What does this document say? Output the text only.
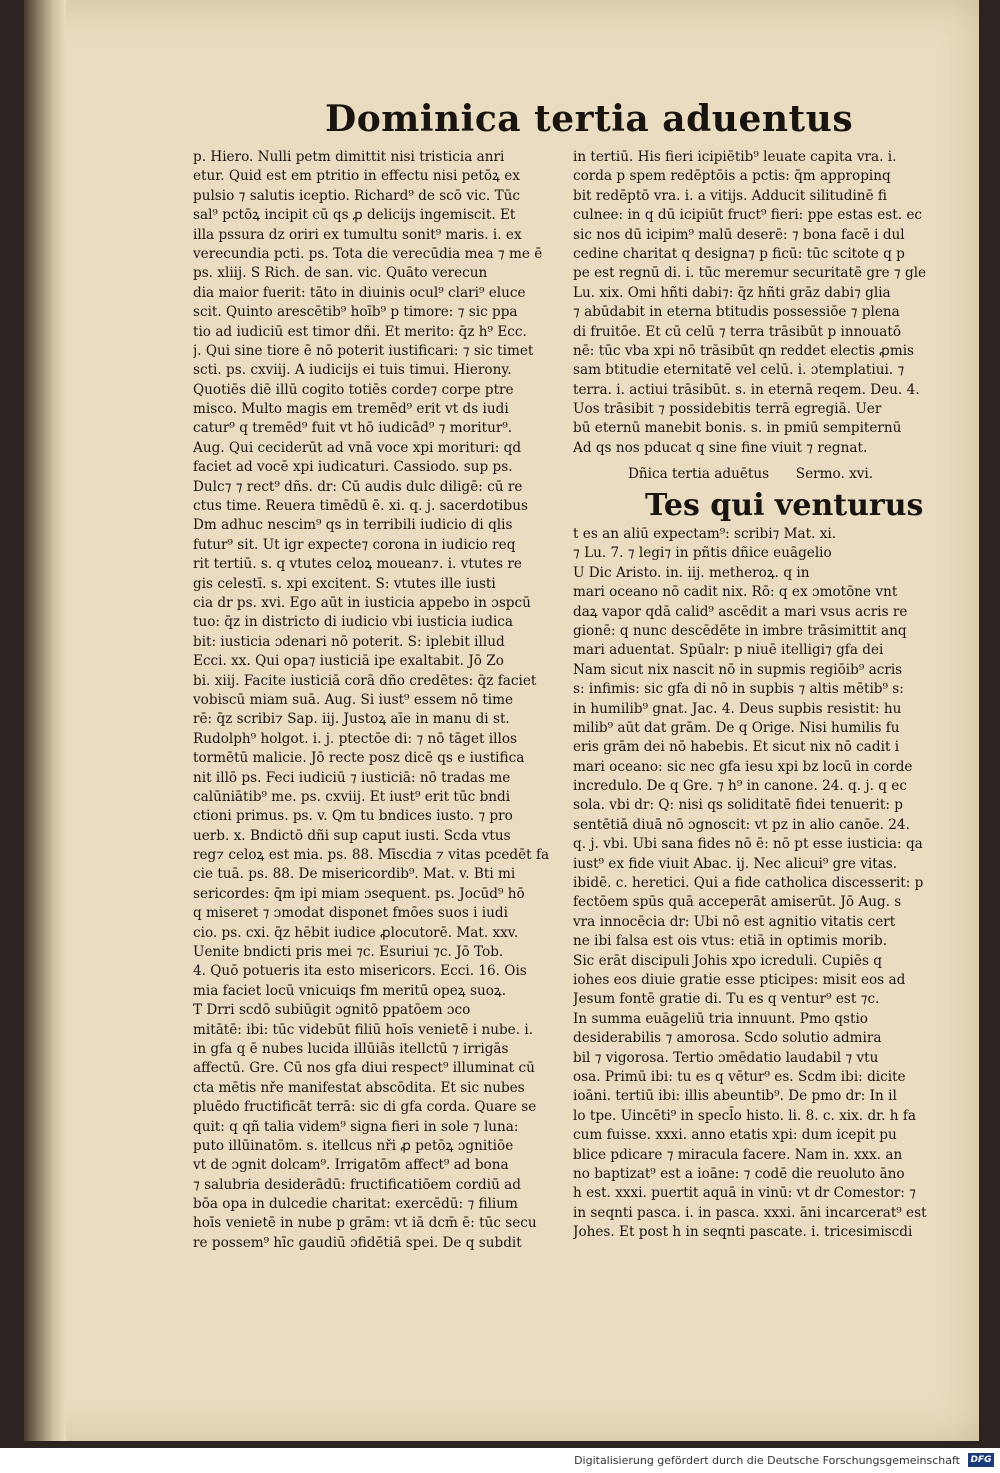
Dominica tertia aduentus
p. Hiero. Nulli petm dimittit nisi tristicia anri
etur. Quid est em ptritio in effectu nisi petōꝝ ex
pulsio ⁊ salutis iceptio. Richard⁹ de scō vic. Tūc
sal⁹ pctōꝝ incipit cū qs ꝓ delicijs ingemiscit. Et
illa pssura dz oriri ex tumultu sonit⁹ maris. i. ex
verecundia pcti. ps. Tota die verecūdia mea ⁊ me ē
ps. xliij. S Rich. de san. vic. Quāto verecun
dia maior fuerit: tāto in diuinis ocul⁹ clari⁹ eluce
scit. Quinto arescētib⁹ hoīb⁹ p timore: ⁊ sic ppa
tio ad iudiciū est timor dñi. Et merito: q̄z h⁹ Ecc.
j. Qui sine tiore ē nō poterit iustificari: ⁊ sic timet
scti. ps. cxviij. A iudicijs ei tuis timui. Hierony.
Quotiēs diē illū cogito totiēs corde⁊ corpe ptre
misco. Multo magis em tremēd⁹ erit vt ds iudi
catur⁹ q tremēd⁹ fuit vt hō iudicād⁹ ⁊ moritur⁹.
Aug. Qui ceciderūt ad vnā voce xpi morituri: qd
faciet ad vocē xpi iudicaturi. Cassiodo. sup ps.
Dulc⁊ ⁊ rect⁹ dñs. dr: Cū audis dulc diligē: cū re
ctus time. Reuera timēdū ē. xi. q. j. sacerdotibus
Dm adhuc nescim⁹ qs in terribili iudicio di qlis
futur⁹ sit. Ut igr expecte⁊ corona in iudicio req
rit tertiū. s. q vtutes celoꝝ mouean⁊. i. vtutes re
gis celestī. s. xpi excitent. S: vtutes ille iusti
cia dr ps. xvi. Ego aūt in iusticia appebo in ɔspcū
tuo: q̄z in districto di iudicio vbi iusticia iudica
bit: iusticia ɔdenari nō poterit. S: iplebit illud
Ecci. xx. Qui opa⁊ iusticiā ipe exaltabit. Jō Zo
bi. xiij. Facite iusticiā corā dño credētes: q̄z faciet
vobiscū miam suā. Aug. Si iust⁹ essem nō time
rē: q̄z scribi⁊ Sap. iij. Justoꝝ aīe in manu di st.
Rudolph⁹ holgot. i. j. ptectōe di: ⁊ nō tāget illos
tormētū malicie. Jō recte posz dicē qs e iustifica
nit illō ps. Feci iudiciū ⁊ iusticiā: nō tradas me
calūniātib⁹ me. ps. cxviij. Et iust⁹ erit tūc bndi
ctioni primus. ps. v. Qm tu bndices iusto. ⁊ pro
uerb. x. Bndictō dñi sup caput iusti. Scda vtus
reg⁊ celoꝝ est mia. ps. 88. Mīscdia ⁊ vitas pcedēt fa
cie tuā. ps. 88. De misericordib⁹. Mat. v. Bti mi
sericordes: q̄m ipi miam ɔsequent. ps. Jocūd⁹ hō
q miseret ⁊ ɔmodat disponet fmōes suos i iudi
cio. ps. cxi. q̄z hēbit iudice ꝓlocutorē. Mat. xxv.
Uenite bndicti pris mei ⁊c. Esuriui ⁊c. Jō Tob.
4. Quō potueris ita esto misericors. Ecci. 16. Ois
mia faciet locū vnicuiqs fm meritū opeꝝ suoꝝ.
T Drri scdō subiūgit ɔgnitō ppatōem ɔco
mitātē: ibi: tūc videbūt filiū hoīs venietē i nube. i.
in gfa q ē nubes lucida illūiās itellctū ⁊ irrigās
affectū. Gre. Cū nos gfa diui respect⁹ illuminat cū
cta mētis nře manifestat abscōdita. Et sic nubes
pluēdo fructificāt terrā: sic di gfa corda. Quare se
quit: q qñ talia videm⁹ signa fieri in sole ⁊ luna:
puto illūinatōm. s. itellcus nři ꝓ petōꝝ ɔgnitiōe
vt de ɔgnit dolcam⁹. Irrigatōm affect⁹ ad bona
⁊ salubria desiderādū: fructificatiōem cordiū ad
bōa opa in dulcedie charitat: exercēdū: ⁊ filium
hoīs venietē in nube p grām: vt iā dcm̄ ē: tūc secu
re possem⁹ hīc gaudiū ɔfidētiā spei. De q subdit
in tertiū. His fieri icipiētib⁹ leuate capita vra. i.
corda p spem redēptōis a pctis: q̄m appropinq
bit redēptō vra. i. a vitijs. Adducit silitudinē fi
culnee: in q dū icipiūt fruct⁹ fieri: ppe estas est. ec
sic nos dū icipim⁹ malū deserē: ⁊ bona facē i dul
cedine charitat q designa⁊ p ficū: tūc scitote q p
pe est regnū di. i. tūc meremur securitatē gre ⁊ gle
Lu. xix. Omi hñti dabi⁊: q̄z hñti grāz dabi⁊ glia
⁊ abūdabit in eterna btitudis possessiōe ⁊ plena
di fruitōe. Et cū celū ⁊ terra trāsibūt p innouatō
nē: tūc vba xpi nō trāsibūt qn reddet electis ꝓmis
sam btitudie eternitatē vel celū. i. ɔtemplatiui. ⁊
terra. i. actiui trāsibūt. s. in eternā reqem. Deu. 4.
Uos trāsibit ⁊ possidebitis terrā egregiā. Uer
bū eternū manebit bonis. s. in pmiū sempiternū
Ad qs nos pducat q sine fine viuit ⁊ regnat.
Dñica tertia aduētus Sermo. xvi.
Tes qui venturus
t es an aliū expectam⁹: scribi⁊ Mat. xi.
⁊ Lu. 7. ⁊ legi⁊ in pñtis dñice euāgelio
U Dic Aristo. in. iij. metheroꝝ. q in
mari oceano nō cadit nix. Rō: q ex ɔmotōne vnt
daꝝ vapor qdā calid⁹ ascēdit a mari vsus acris re
gionē: q nunc descēdēte in imbre trāsimittit anq
mari aduentat. Spūalr: p niuē itelligi⁊ gfa dei
Nam sicut nix nascit nō in supmis regiōib⁹ acris
s: infimis: sic gfa di nō in supbis ⁊ altis mētib⁹ s:
in humilib⁹ gnat. Jac. 4. Deus supbis resistit: hu
milib⁹ aūt dat grām. De q Orige. Nisi humilis fu
eris grām dei nō habebis. Et sicut nix nō cadit i
mari oceano: sic nec gfa iesu xpi bz locū in corde
incredulo. De q Gre. ⁊ h⁹ in canone. 24. q. j. q ec
sola. vbi dr: Q: nisi qs soliditatē fidei tenuerit: p
sentētiā diuā nō ɔgnoscit: vt pz in alio canōe. 24.
q. j. vbi. Ubi sana fides nō ē: nō pt esse iusticia: qa
iust⁹ ex fide viuit Abac. ij. Nec alicui⁹ gre vitas.
ibidē. c. heretici. Qui a fide catholica discesserit: p
fectōem spūs quā acceperāt amiserūt. Jō Aug. s
vra innocēcia dr: Ubi nō est agnitio vitatis cert
ne ibi falsa est ois vtus: etiā in optimis morib.
Sic erāt discipuli Johis xpo icreduli. Cupiēs q
iohes eos diuie gratie esse pticipes: misit eos ad
Jesum fontē gratie di. Tu es q ventur⁹ est ⁊c.
In summa euāgeliū tria innuunt. Pmo qstio
desiderabilis ⁊ amorosa. Scdo solutio admira
bil ⁊ vigorosa. Tertio ɔmēdatio laudabil ⁊ vtu
osa. Primū ibi: tu es q vētur⁹ es. Scdm ibi: dicite
ioāni. tertiū ibi: illis abeuntib⁹. De pmo dr: In il
lo tpe. Uincēti⁹ in specl̄o histo. li. 8. c. xix. dr. h fa
cum fuisse. xxxi. anno etatis xpi: dum icepit pu
blice pdicare ⁊ miracula facere. Nam in. xxx. an
no baptizat⁹ est a ioāne: ⁊ codē die reuoluto āno
h est. xxxi. puertit aquā in vinū: vt dr Comestor: ⁊
in seqnti pasca. i. in pasca. xxxi. āni incarcerat⁹ est
Johes. Et post h in seqnti pascate. i. tricesimiscdi
Digitalisierung gefördert durch die Deutsche Forschungsgemeinschaft DFG
